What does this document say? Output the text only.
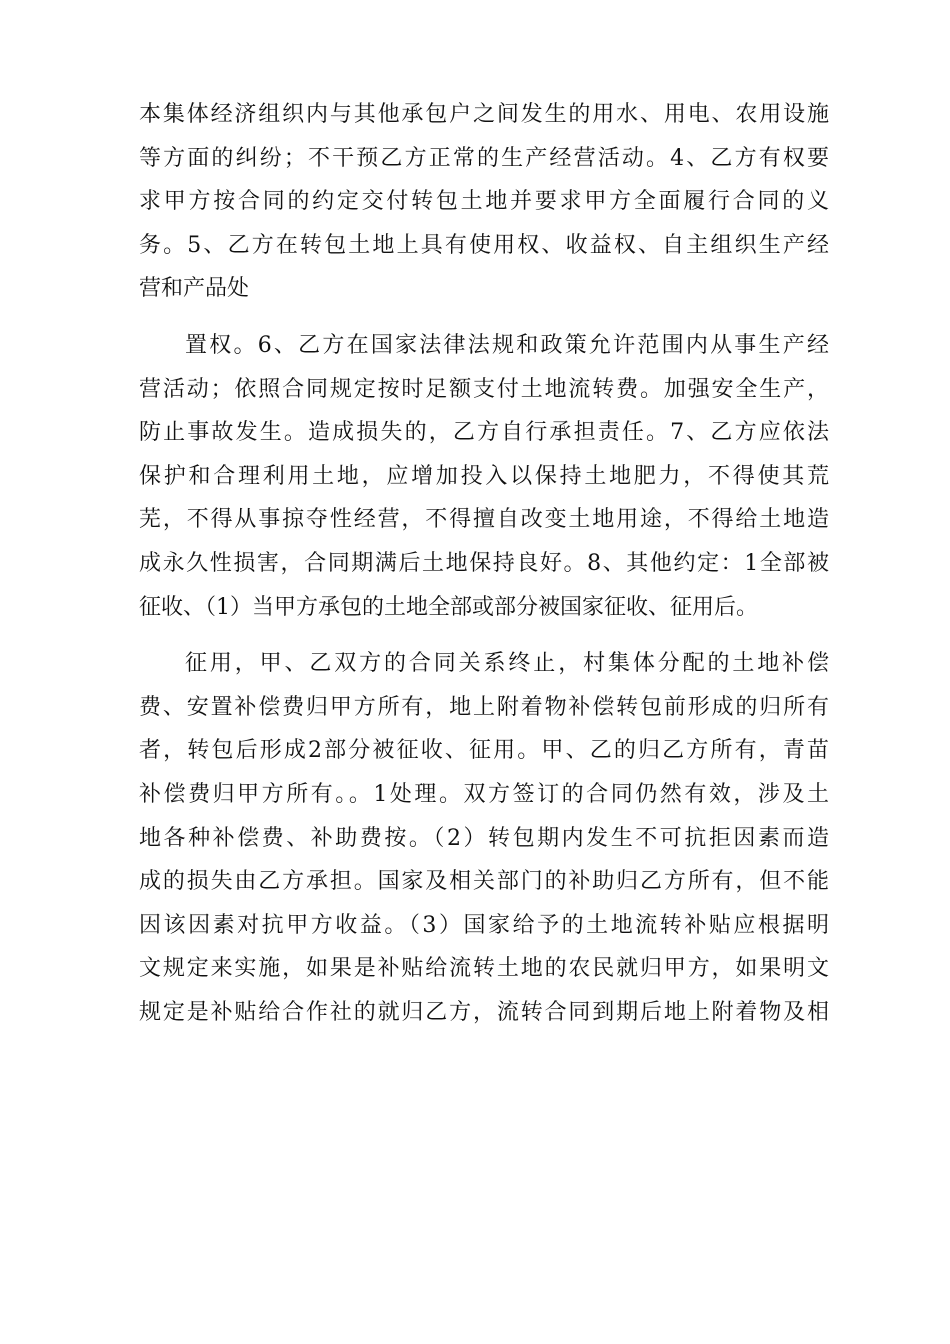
本集体经济组织内与其他承包户之间发生的用水、用电、农用设施
等方面的纠纷；不干预乙方正常的生产经营活动。4、乙方有权要
求甲方按合同的约定交付转包土地并要求甲方全面履行合同的义
务。5、乙方在转包土地上具有使用权、收益权、自主组织生产经
营和产品处

置权。6、乙方在国家法律法规和政策允许范围内从事生产经
营活动；依照合同规定按时足额支付土地流转费。加强安全生产，
防止事故发生。造成损失的，乙方自行承担责任。7、乙方应依法
保护和合理利用土地，应增加投入以保持土地肥力，不得使其荒
芜，不得从事掠夺性经营，不得擅自改变土地用途，不得给土地造
成永久性损害，合同期满后土地保持良好。8、其他约定：1全部被
征收、（1）当甲方承包的土地全部或部分被国家征收、征用后。

征用，甲、乙双方的合同关系终止，村集体分配的土地补偿
费、安置补偿费归甲方所有，地上附着物补偿转包前形成的归所有
者，转包后形成2部分被征收、征用。甲、乙的归乙方所有，青苗
补偿费归甲方所有。。1处理。双方签订的合同仍然有效，涉及土
地各种补偿费、补助费按。（2）转包期内发生不可抗拒因素而造
成的损失由乙方承担。国家及相关部门的补助归乙方所有，但不能
因该因素对抗甲方收益。（3）国家给予的土地流转补贴应根据明
文规定来实施，如果是补贴给流转土地的农民就归甲方，如果明文
规定是补贴给合作社的就归乙方，流转合同到期后地上附着物及相
